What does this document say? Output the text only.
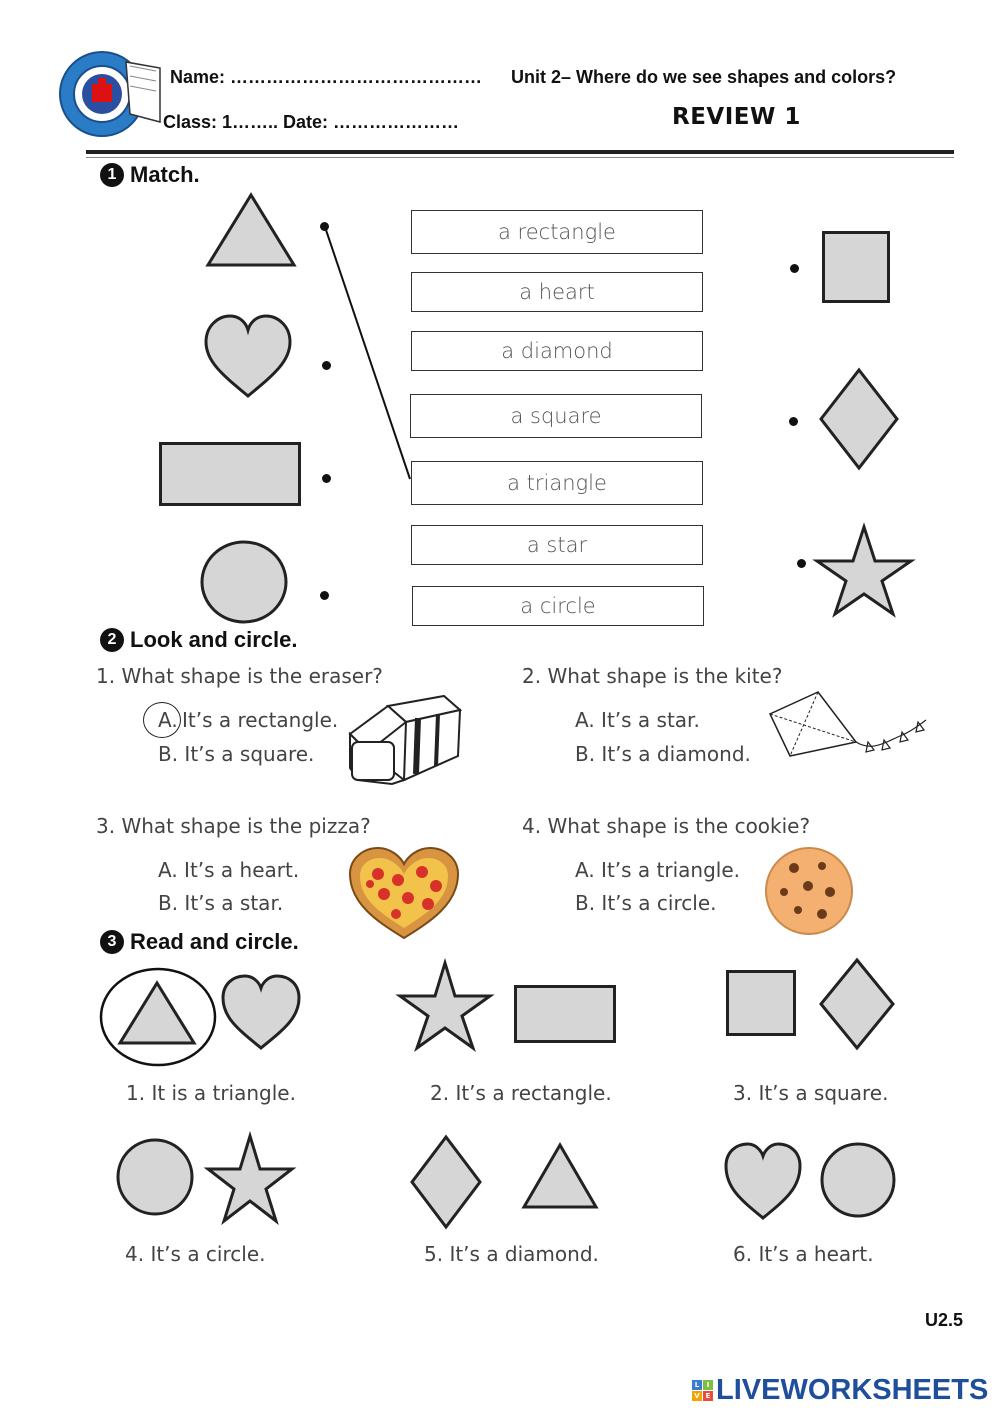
Name: ……………………………………
Class: 1…….. Date: …………………
Unit 2– Where do we see shapes and colors?
REVIEW 1
1 Match.
a rectangle
a heart
a diamond
a square
a triangle
a star
a circle
2 Look and circle.
1. What shape is the eraser?
A. It’s a rectangle.
B. It’s a square.
2. What shape is the kite?
A. It’s a star.
B. It’s a diamond.
3. What shape is the pizza?
A. It’s a heart.
B. It’s a star.
4. What shape is the cookie?
A. It’s a triangle.
B. It’s a circle.
3 Read and circle.
1. It is a triangle.	2. It’s a rectangle.	3. It’s a square.
4. It’s a circle.	5. It’s a diamond.	6. It’s a heart.
U2.5
L	I
V E LIVEWORKSHEETS
